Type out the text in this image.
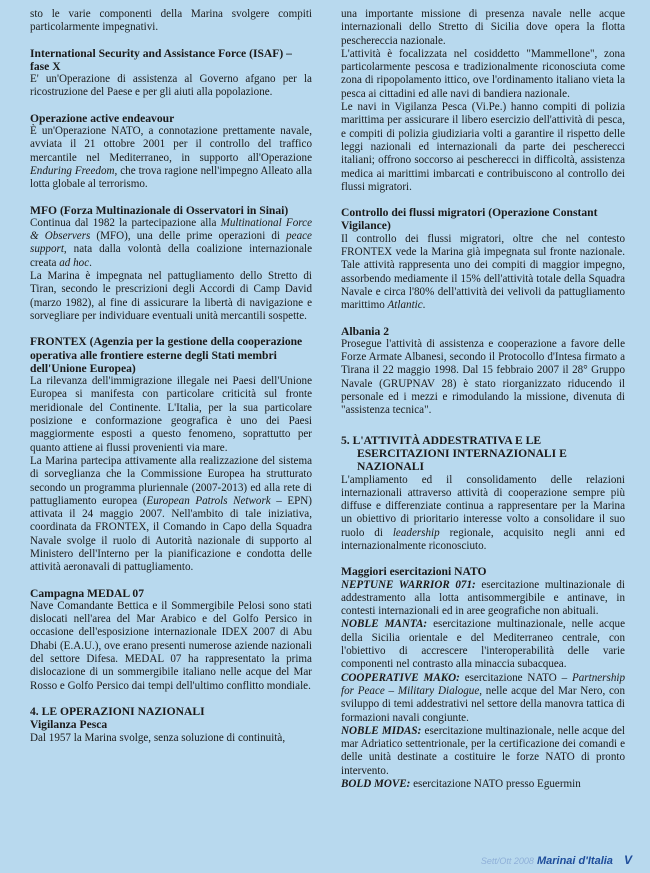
sto le varie componenti della Marina svolgere compiti particolarmente impegnativi.

International Security and Assistance Force (ISAF) – fase X

E' un'Operazione di assistenza al Governo afgano per la ricostruzione del Paese e per gli aiuti alla popolazione.

Operazione active endeavour

È un'Operazione NATO, a connotazione prettamente navale, avviata il 21 ottobre 2001 per il controllo del traffico mercantile nel Mediterraneo, in supporto all'Operazione Enduring Freedom, che trova ragione nell'impegno Alleato alla lotta globale al terrorismo.

MFO (Forza Multinazionale di Osservatori in Sinai)

Continua dal 1982 la partecipazione alla Multinational Force & Observers (MFO), una delle prime operazioni di peace support, nata dalla volontà della coalizione internazionale creata ad hoc.

La Marina è impegnata nel pattugliamento dello Stretto di Tiran, secondo le prescrizioni degli Accordi di Camp David (marzo 1982), al fine di assicurare la libertà di navigazione e sorvegliare per individuare eventuali unità mercantili sospette.

FRONTEX (Agenzia per la gestione della cooperazione operativa alle frontiere esterne degli Stati membri dell'Unione Europea)

La rilevanza dell'immigrazione illegale nei Paesi dell'Unione Europea si manifesta con particolare criticità sul fronte meridionale del Continente. L'Italia, per la sua particolare posizione e conformazione geografica è uno dei Paesi maggiormente esposti a questo fenomeno, soprattutto per quanto attiene ai flussi provenienti via mare.

La Marina partecipa attivamente alla realizzazione del sistema di sorveglianza che la Commissione Europea ha strutturato secondo un programma pluriennale (2007-2013) ed alla rete di pattugliamento europea (European Patrols Network – EPN) attivata il 24 maggio 2007. Nell'ambito di tale iniziativa, coordinata da FRONTEX, il Comando in Capo della Squadra Navale svolge il ruolo di Autorità nazionale di supporto al Ministero dell'Interno per la pianificazione e condotta delle attività aeronavali di pattugliamento.

Campagna MEDAL 07

Nave Comandante Bettica e il Sommergibile Pelosi sono stati dislocati nell'area del Mar Arabico e del Golfo Persico in occasione dell'esposizione internazionale IDEX 2007 di Abu Dhabi (E.A.U.), ove erano presenti numerose aziende nazionali del settore Difesa. MEDAL 07 ha rappresentato la prima dislocazione di un sommergibile italiano nelle acque del Mar Rosso e Golfo Persico dai tempi dell'ultimo conflitto mondiale.

4. LE OPERAZIONI NAZIONALI
Vigilanza Pesca

Dal 1957 la Marina svolge, senza soluzione di continuità,

una importante missione di presenza navale nelle acque internazionali dello Stretto di Sicilia dove opera la flotta peschereccia nazionale.

L'attività è focalizzata nel cosiddetto "Mammellone", zona particolarmente pescosa e tradizionalmente riconosciuta come zona di ripopolamento ittico, ove l'ordinamento italiano vieta la pesca ai cittadini ed alle navi di bandiera nazionale.

Le navi in Vigilanza Pesca (Vi.Pe.) hanno compiti di polizia marittima per assicurare il libero esercizio dell'attività di pesca, e compiti di polizia giudiziaria volti a garantire il rispetto delle leggi nazionali ed internazionali da parte dei pescherecci italiani; offrono soccorso ai pescherecci in difficoltà, assistenza medica ai marittimi imbarcati e contribuiscono al controllo dei flussi migratori.

Controllo dei flussi migratori (Operazione Constant Vigilance)

Il controllo dei flussi migratori, oltre che nel contesto FRONTEX vede la Marina già impegnata sul fronte nazionale. Tale attività rappresenta uno dei compiti di maggior impegno, assorbendo mediamente il 15% dell'attività totale della Squadra Navale e circa l'80% dell'attività dei velivoli da pattugliamento marittimo Atlantic.

Albania 2

Prosegue l'attività di assistenza e cooperazione a favore delle Forze Armate Albanesi, secondo il Protocollo d'Intesa firmato a Tirana il 22 maggio 1998. Dal 15 febbraio 2007 il 28° Gruppo Navale (GRUPNAV 28) è stato riorganizzato riducendo il personale ed i mezzi e rimodulando la missione, divenuta di "assistenza tecnica".

5. L'ATTIVITÀ ADDESTRATIVA E LE ESERCITAZIONI INTERNAZIONALI E NAZIONALI

L'ampliamento ed il consolidamento delle relazioni internazionali attraverso attività di cooperazione sempre più diffuse e differenziate continua a rappresentare per la Marina un obiettivo di prioritario interesse volto a consolidare il suo ruolo di leadership regionale, acquisito negli anni ed internazionalmente riconosciuto.

Maggiori esercitazioni NATO

NEPTUNE WARRIOR 071: esercitazione multinazionale di addestramento alla lotta antisommergibile e antinave, in contesti internazionali ed in aree geografiche non abituali.

NOBLE MANTA: esercitazione multinazionale, nelle acque della Sicilia orientale e del Mediterraneo centrale, con l'obiettivo di accrescere l'interoperabilità delle varie componenti nel contrasto alla minaccia subacquea.

COOPERATIVE MAKO: esercitazione NATO – Partnership for Peace – Military Dialogue, nelle acque del Mar Nero, con sviluppo di temi addestrativi nel settore della manovra tattica di formazioni navali congiunte.

NOBLE MIDAS: esercitazione multinazionale, nelle acque del mar Adriatico settentrionale, per la certificazione dei comandi e delle unità destinate a costituire le forze NATO di pronto intervento.

BOLD MOVE: esercitazione NATO presso Eguermin

Sett/Ott 2008 Marinai d'Italia V
